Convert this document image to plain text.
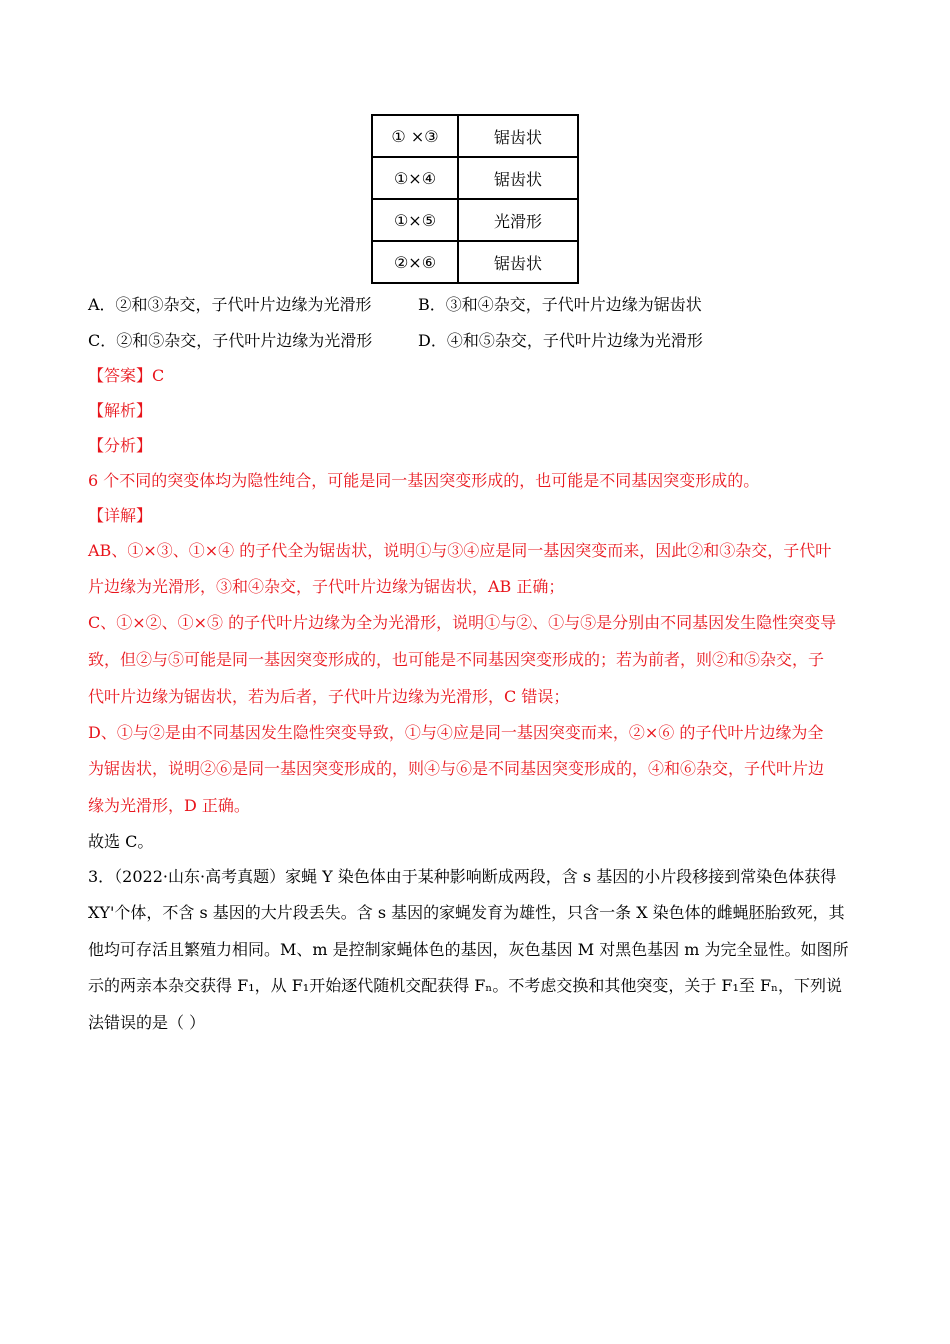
① ×③	锯齿状
①×④	锯齿状
①×⑤	光滑形
②×⑥	锯齿状
A．②和③杂交，子代叶片边缘为光滑形	B．③和④杂交，子代叶片边缘为锯齿状
C．②和⑤杂交，子代叶片边缘为光滑形	D．④和⑤杂交，子代叶片边缘为光滑形
【答案】C
【解析】
【分析】
6 个不同的突变体均为隐性纯合，可能是同一基因突变形成的，也可能是不同基因突变形成的。
【详解】
AB、①×③、①×④ 的子代全为锯齿状，说明①与③④应是同一基因突变而来，因此②和③杂交，子代叶
片边缘为光滑形，③和④杂交，子代叶片边缘为锯齿状，AB 正确；
C、①×②、①×⑤ 的子代叶片边缘为全为光滑形，说明①与②、①与⑤是分别由不同基因发生隐性突变导
致，但②与⑤可能是同一基因突变形成的，也可能是不同基因突变形成的；若为前者，则②和⑤杂交，子
代叶片边缘为锯齿状，若为后者，子代叶片边缘为光滑形，C 错误；
D、①与②是由不同基因发生隐性突变导致，①与④应是同一基因突变而来，②×⑥ 的子代叶片边缘为全
为锯齿状，说明②⑥是同一基因突变形成的，则④与⑥是不同基因突变形成的，④和⑥杂交，子代叶片边
缘为光滑形，D 正确。
故选 C。
3．（2022·山东·高考真题）家蝇 Y 染色体由于某种影响断成两段，含 s 基因的小片段移接到常染色体获得
XY'个体，不含 s 基因的大片段丢失。含 s 基因的家蝇发育为雄性，只含一条 X 染色体的雌蝇胚胎致死，其
他均可存活且繁殖力相同。M、m 是控制家蝇体色的基因，灰色基因 M 对黑色基因 m 为完全显性。如图所
示的两亲本杂交获得 F₁，从 F₁开始逐代随机交配获得 Fₙ。不考虑交换和其他突变，关于 F₁至 Fₙ，下列说
法错误的是（ ）
